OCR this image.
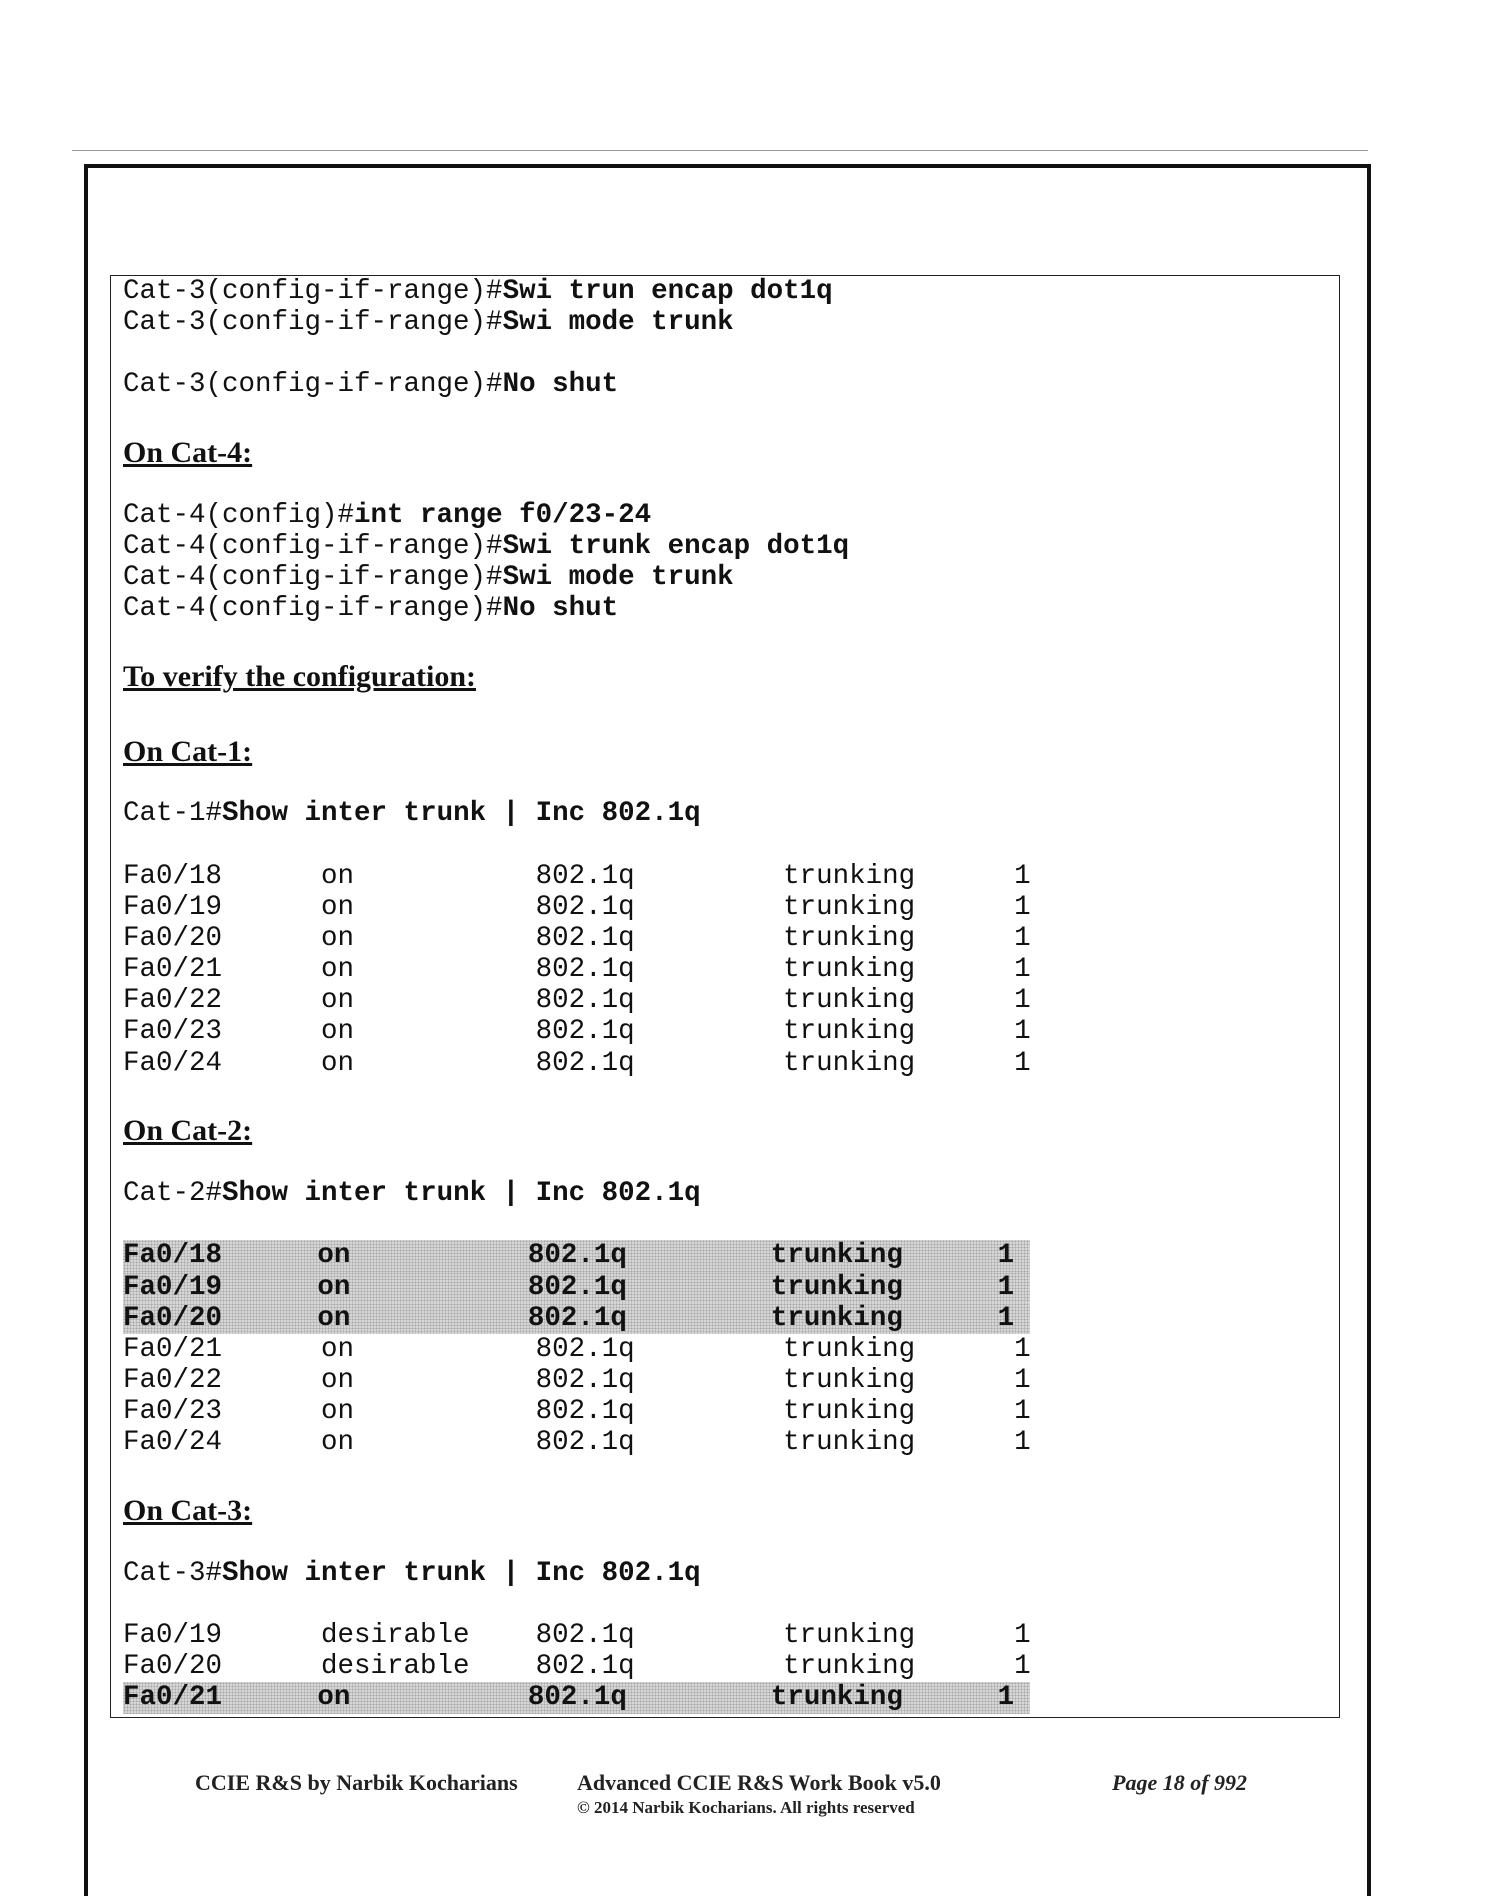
Cat-3(config-if-range)#Swi trun encap dot1q
Cat-3(config-if-range)#Swi mode trunk
Cat-3(config-if-range)#No shut
On Cat-4:
Cat-4(config)#int range f0/23-24
Cat-4(config-if-range)#Swi trunk encap dot1q
Cat-4(config-if-range)#Swi mode trunk
Cat-4(config-if-range)#No shut
To verify the configuration:
On Cat-1:
Cat-1#Show inter trunk | Inc 802.1q
Fa0/18	on	802.1q	trunking	1
Fa0/19	on	802.1q	trunking	1
Fa0/20	on	802.1q	trunking	1
Fa0/21	on	802.1q	trunking	1
Fa0/22	on	802.1q	trunking	1
Fa0/23	on	802.1q	trunking	1
Fa0/24	on	802.1q	trunking	1
On Cat-2:
Cat-2#Show inter trunk | Inc 802.1q
Fa0/18	on	802.1q	trunking	1
Fa0/19	on	802.1q	trunking	1
Fa0/20	on	802.1q	trunking	1
Fa0/21	on	802.1q	trunking	1
Fa0/22	on	802.1q	trunking	1
Fa0/23	on	802.1q	trunking	1
Fa0/24	on	802.1q	trunking	1
On Cat-3:
Cat-3#Show inter trunk | Inc 802.1q
Fa0/19	desirable	802.1q	trunking	1
Fa0/20	desirable	802.1q	trunking	1
Fa0/21	on	802.1q	trunking	1
CCIE R&S by Narbik Kocharians	Advanced CCIE R&S Work Book v5.0
© 2014 Narbik Kocharians. All rights reserved
Page 18 of 992
